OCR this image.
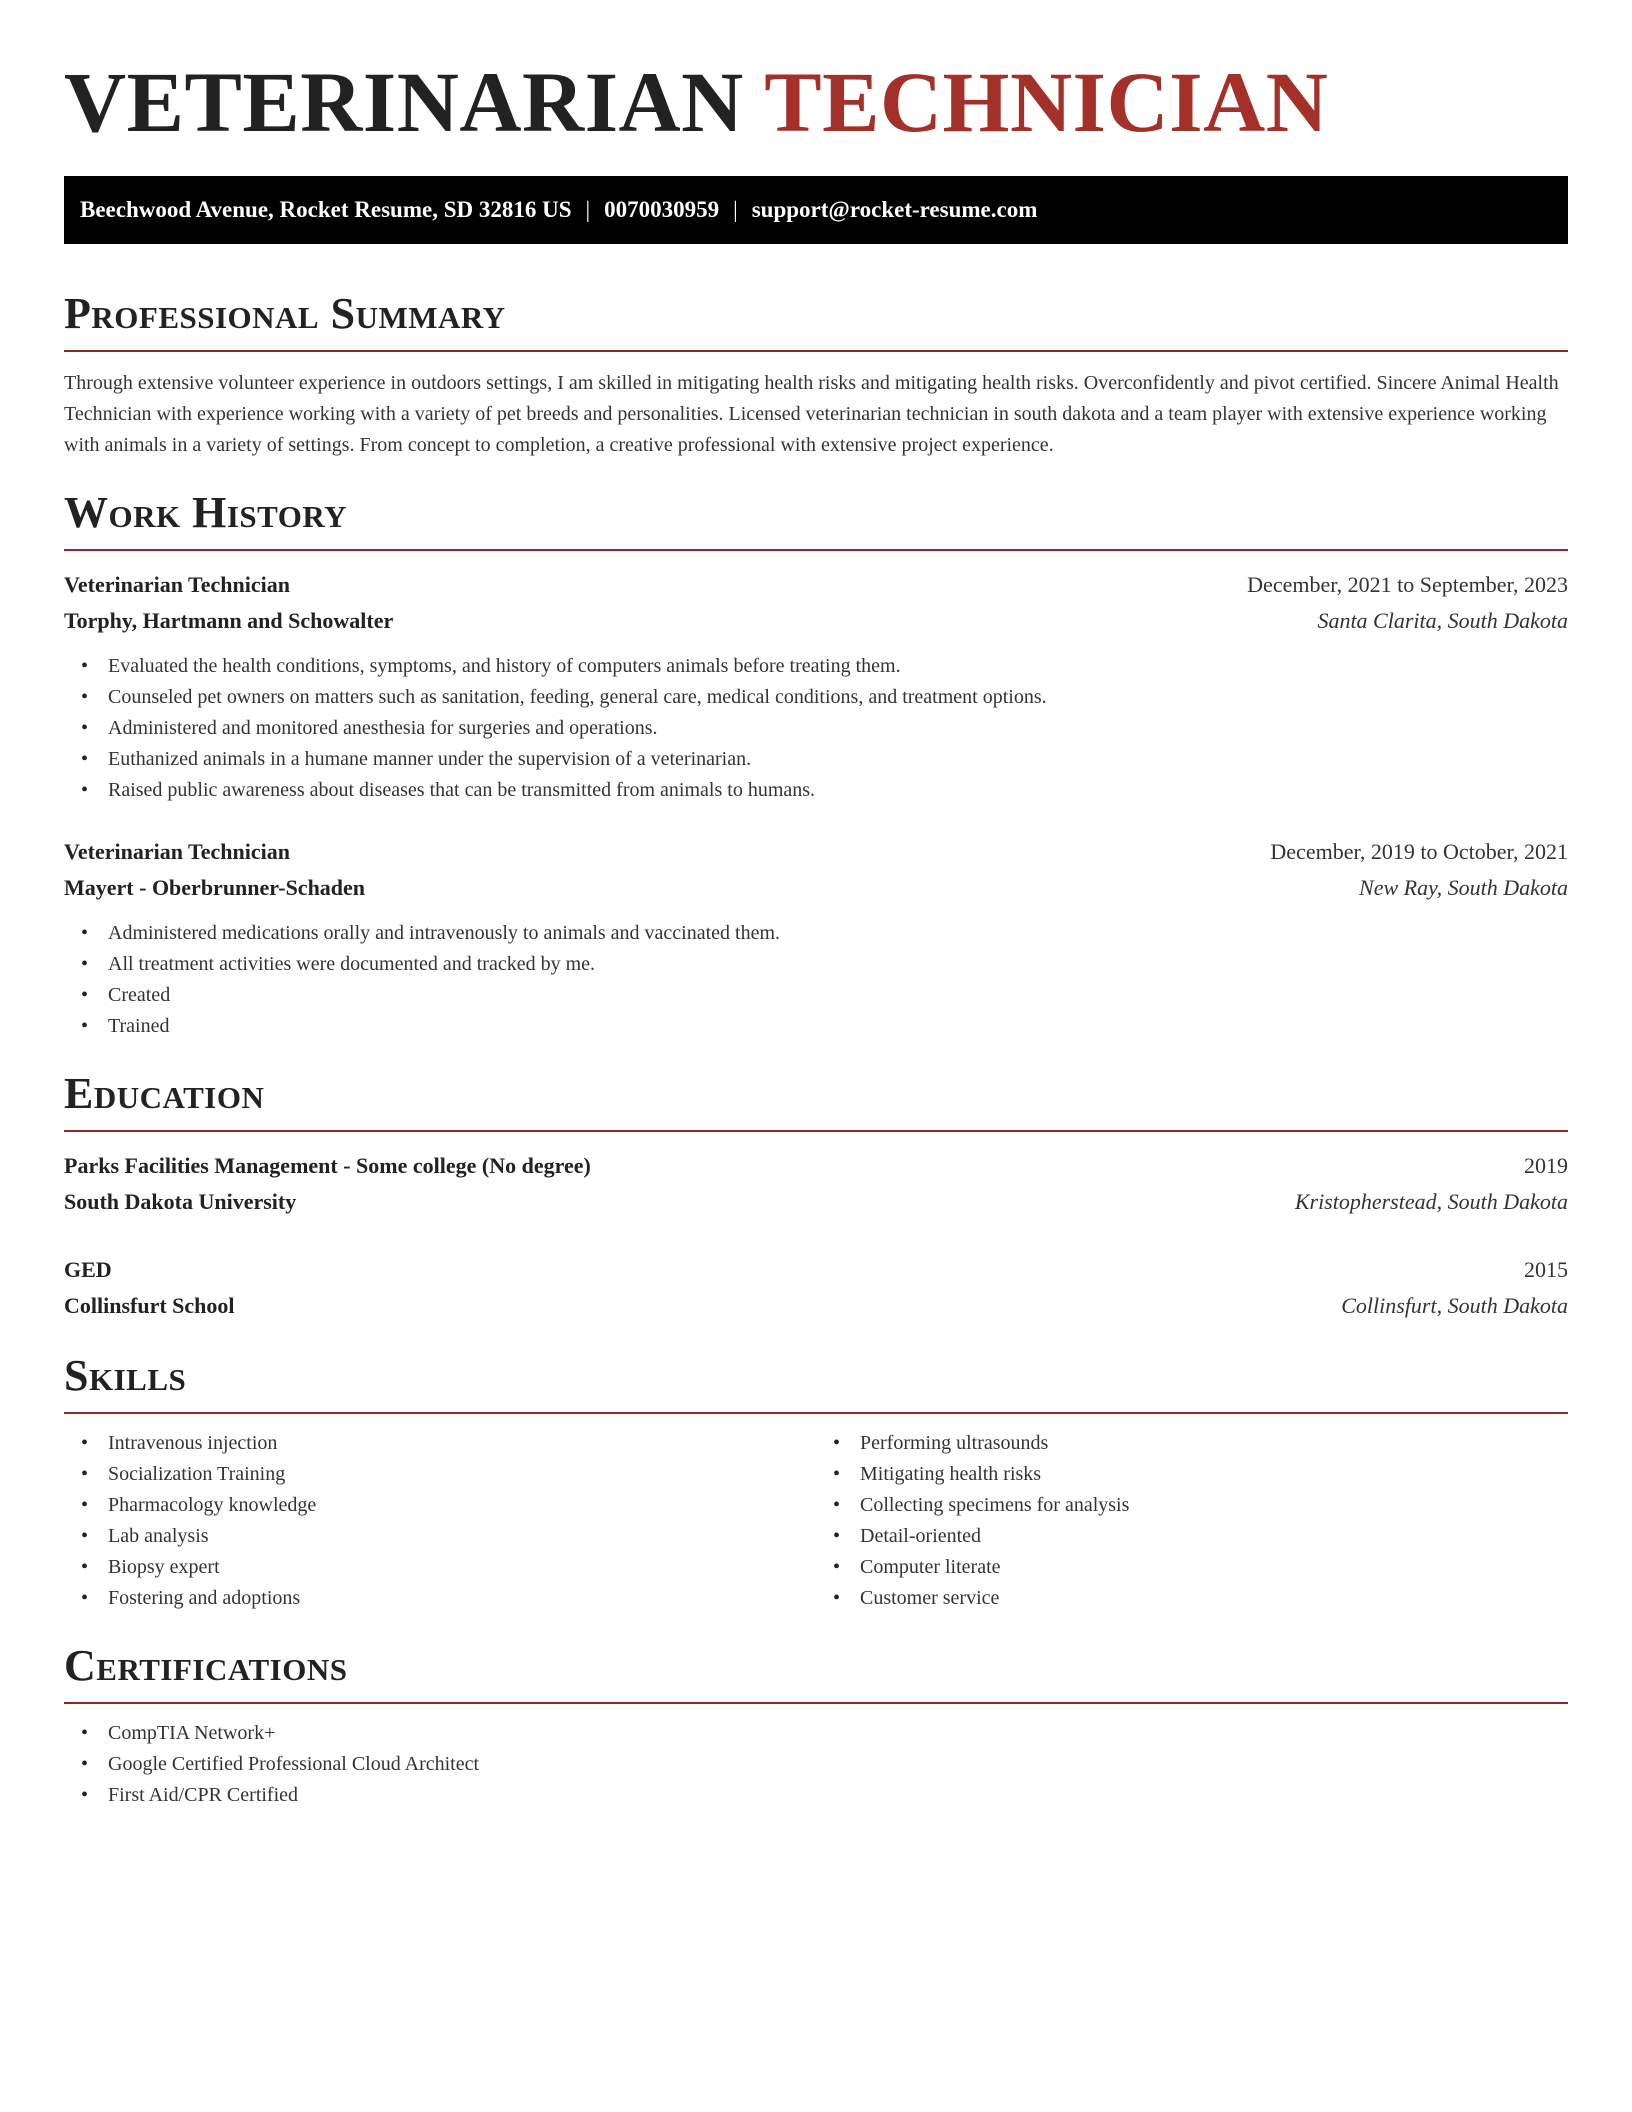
VETERINARIAN TECHNICIAN
Beechwood Avenue, Rocket Resume, SD 32816 US | 0070030959 | support@rocket-resume.com
Professional Summary

Through extensive volunteer experience in outdoors settings, I am skilled in mitigating health risks and mitigating health risks. Overconfidently and pivot certified. Sincere Animal Health Technician with experience working with a variety of pet breeds and personalities. Licensed veterinarian technician in south dakota and a team player with extensive experience working with animals in a variety of settings. From concept to completion, a creative professional with extensive project experience.

Work History
Veterinarian Technician	December, 2021 to September, 2023
Torphy, Hartmann and Schowalter	Santa Clarita, South Dakota
• Evaluated the health conditions, symptoms, and history of computers animals before treating them.
• Counseled pet owners on matters such as sanitation, feeding, general care, medical conditions, and treatment options.
• Administered and monitored anesthesia for surgeries and operations.
• Euthanized animals in a humane manner under the supervision of a veterinarian.
• Raised public awareness about diseases that can be transmitted from animals to humans.
Veterinarian Technician	December, 2019 to October, 2021
Mayert - Oberbrunner-Schaden	New Ray, South Dakota
• Administered medications orally and intravenously to animals and vaccinated them.
• All treatment activities were documented and tracked by me.
• Created
• Trained
Education
Parks Facilities Management - Some college (No degree)	2019
South Dakota University	Kristopherstead, South Dakota
GED	2015
Collinsfurt School	Collinsfurt, South Dakota
Skills
• Intravenous injection
• Socialization Training
• Pharmacology knowledge
• Lab analysis
• Biopsy expert
• Fostering and adoptions
• Performing ultrasounds
• Mitigating health risks
• Collecting specimens for analysis
• Detail-oriented
• Computer literate
• Customer service
Certifications
• CompTIA Network+
• Google Certified Professional Cloud Architect
• First Aid/CPR Certified
